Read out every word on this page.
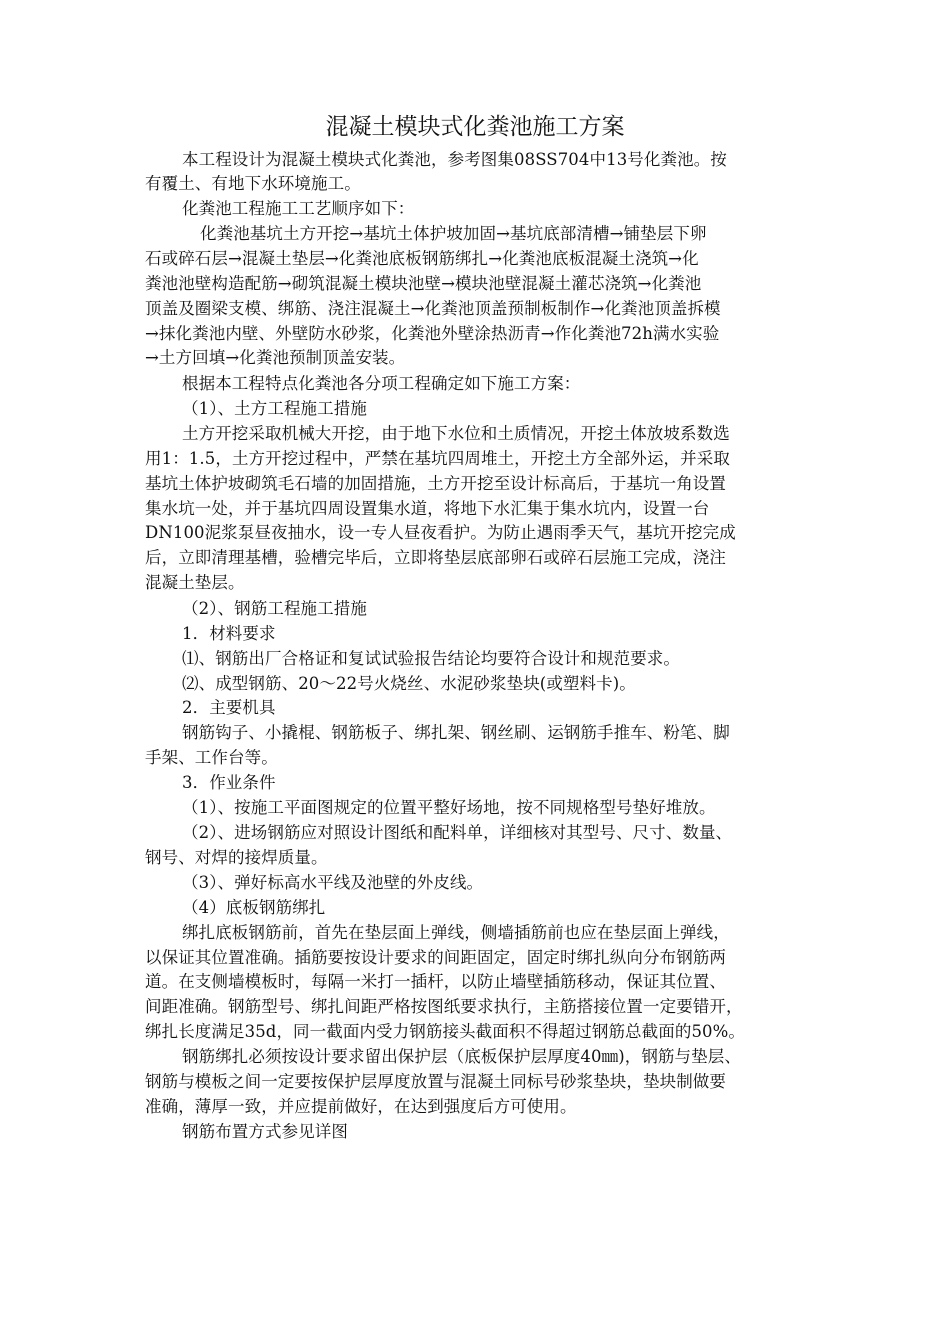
混凝土模块式化粪池施工方案
本工程设计为混凝土模块式化粪池，参考图集08SS704中13号化粪池。按
有覆土、有地下水环境施工。
化粪池工程施工工艺顺序如下：
化粪池基坑土方开挖→基坑土体护坡加固→基坑底部清槽→铺垫层下卵
石或碎石层→混凝土垫层→化粪池底板钢筋绑扎→化粪池底板混凝土浇筑→化
粪池池壁构造配筋→砌筑混凝土模块池壁→模块池壁混凝土灌芯浇筑→化粪池
顶盖及圈梁支模、绑筋、浇注混凝土→化粪池顶盖预制板制作→化粪池顶盖拆模
→抹化粪池内壁、外壁防水砂浆，化粪池外壁涂热沥青→作化粪池72h满水实验
→土方回填→化粪池预制顶盖安装。
根据本工程特点化粪池各分项工程确定如下施工方案：
（1）、土方工程施工措施
土方开挖采取机械大开挖，由于地下水位和土质情况，开挖土体放坡系数选
用1：1.5，土方开挖过程中，严禁在基坑四周堆土，开挖土方全部外运，并采取
基坑土体护坡砌筑毛石墙的加固措施，土方开挖至设计标高后，于基坑一角设置
集水坑一处，并于基坑四周设置集水道，将地下水汇集于集水坑内，设置一台
DN100泥浆泵昼夜抽水，设一专人昼夜看护。为防止遇雨季天气，基坑开挖完成
后，立即清理基槽，验槽完毕后，立即将垫层底部卵石或碎石层施工完成，浇注
混凝土垫层。
（2）、钢筋工程施工措施
1．材料要求
⑴、钢筋出厂合格证和复试试验报告结论均要符合设计和规范要求。
⑵、成型钢筋、20～22号火烧丝、水泥砂浆垫块(或塑料卡)。
2．主要机具
钢筋钩子、小撬棍、钢筋板子、绑扎架、钢丝刷、运钢筋手推车、粉笔、脚
手架、工作台等。
3．作业条件
（1）、按施工平面图规定的位置平整好场地，按不同规格型号垫好堆放。
（2）、进场钢筋应对照设计图纸和配料单，详细核对其型号、尺寸、数量、
钢号、对焊的接焊质量。
（3）、弹好标高水平线及池壁的外皮线。
（4）底板钢筋绑扎
绑扎底板钢筋前，首先在垫层面上弹线，侧墙插筋前也应在垫层面上弹线，
以保证其位置准确。插筋要按设计要求的间距固定，固定时绑扎纵向分布钢筋两
道。在支侧墙模板时，每隔一米打一插杆，以防止墙壁插筋移动，保证其位置、
间距准确。钢筋型号、绑扎间距严格按图纸要求执行，主筋搭接位置一定要错开，
绑扎长度满足35d，同一截面内受力钢筋接头截面积不得超过钢筋总截面的50%。
钢筋绑扎必须按设计要求留出保护层（底板保护层厚度40㎜)，钢筋与垫层、
钢筋与模板之间一定要按保护层厚度放置与混凝土同标号砂浆垫块，垫块制做要
准确，薄厚一致，并应提前做好，在达到强度后方可使用。
钢筋布置方式参见详图
